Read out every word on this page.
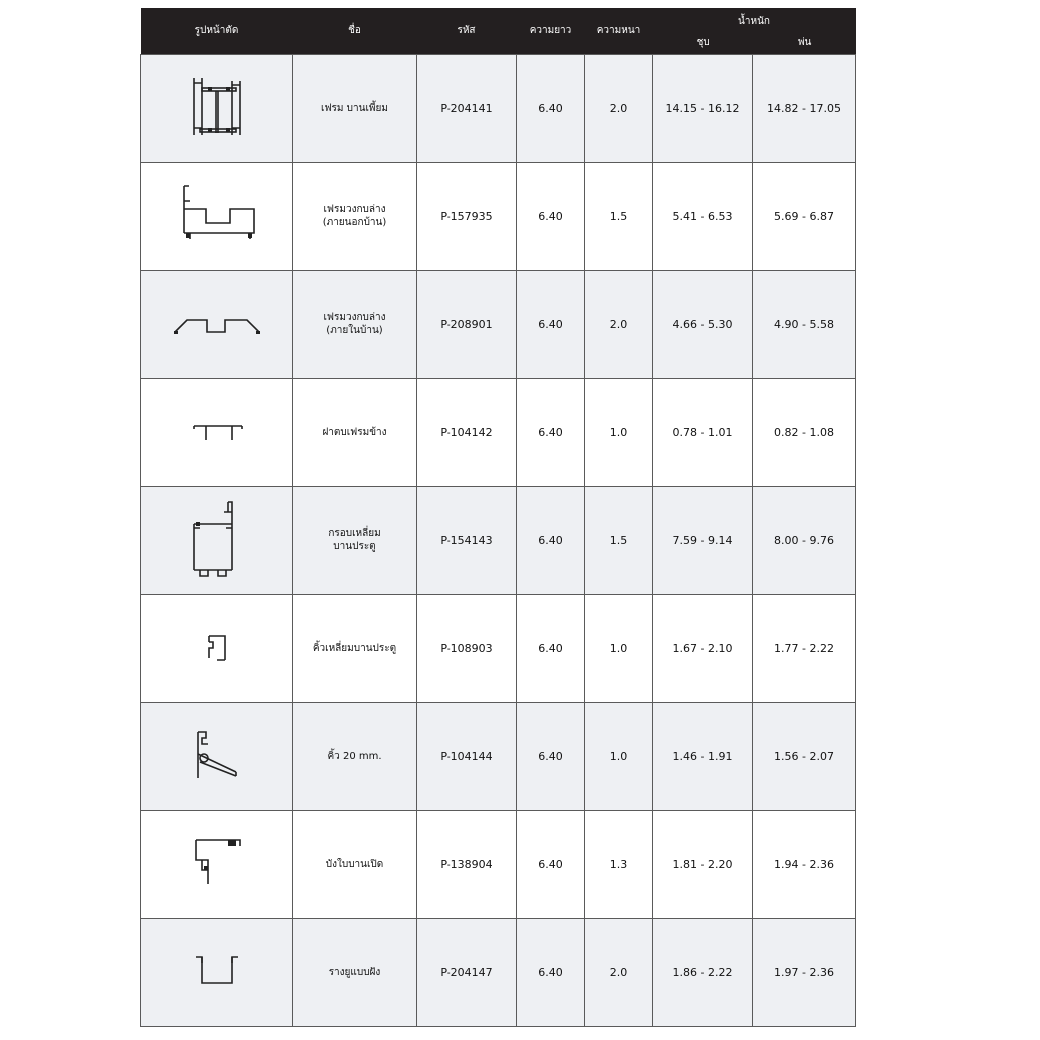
รูปหน้าตัด	ชื่อ	รหัส	ความยาว	ความหนา	น้ำหนัก
ชุบ พ่น	

	เฟรม บานเพี้ยม	P-204141	6.40	2.0	14.15 - 16.12	14.82 - 17.05

	เฟรมวงกบล่าง
(ภายนอกบ้าน)	P-157935	6.40	1.5	5.41 - 6.53	5.69 - 6.87

	เฟรมวงกบล่าง
(ภายในบ้าน)	P-208901	6.40	2.0	4.66 - 5.30	4.90 - 5.58

	ฝาตบเฟรมข้าง	P-104142	6.40	1.0	0.78 - 1.01	0.82 - 1.08

	กรอบเหลี่ยม
บานประตู	P-154143	6.40	1.5	7.59 - 9.14	8.00 - 9.76

	คิ้วเหลี่ยมบานประตู	P-108903	6.40	1.0	1.67 - 2.10	1.77 - 2.22

	คิ้ว 20 mm.	P-104144	6.40	1.0	1.46 - 1.91	1.56 - 2.07

	บังใบบานเปิด	P-138904	6.40	1.3	1.81 - 2.20	1.94 - 2.36

	รางยูแบบฝัง	P-204147	6.40	2.0	1.86 - 2.22	1.97 - 2.36
